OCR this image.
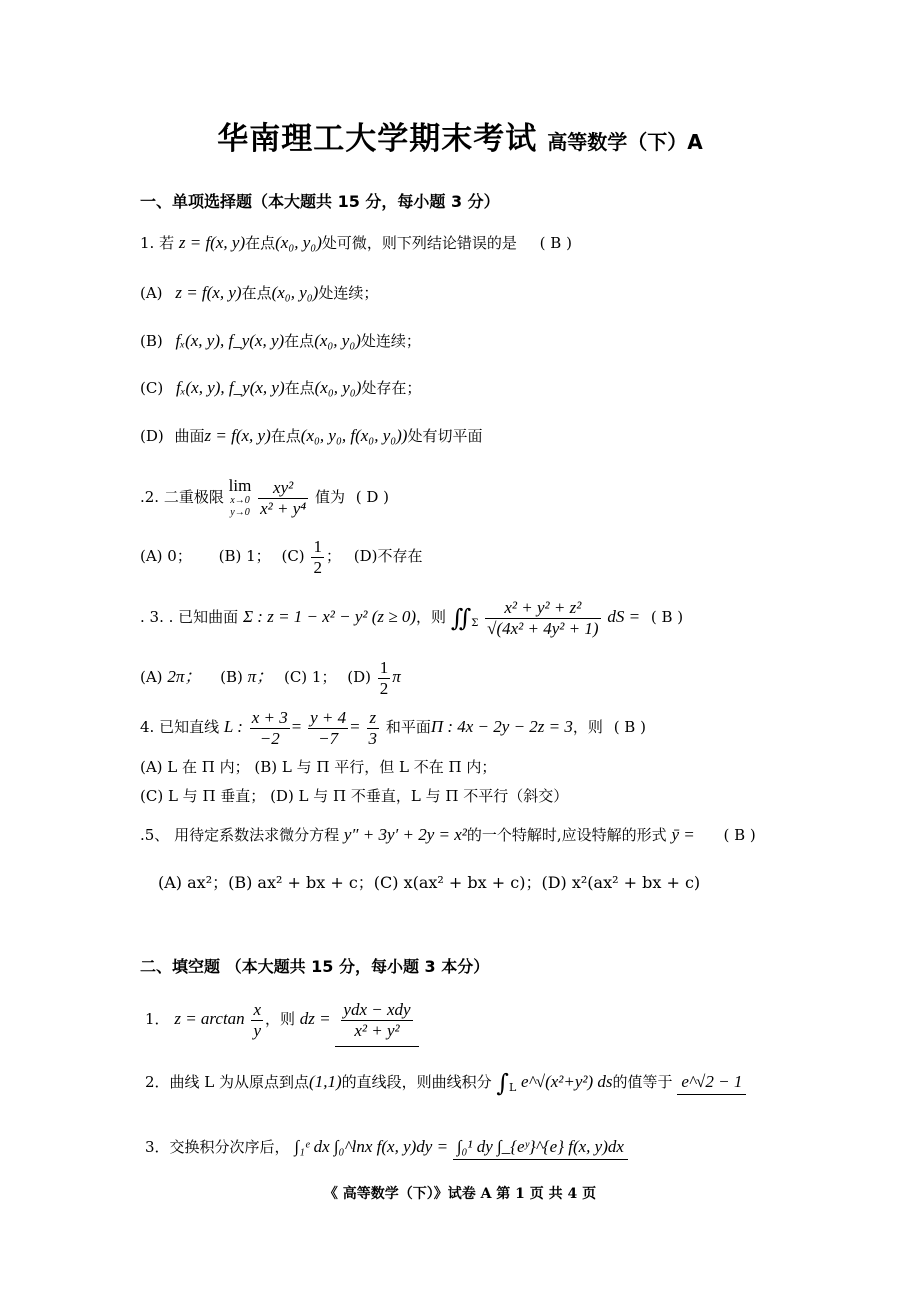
华南理工大学期末考试 高等数学（下）A
一、单项选择题（本大题共 15 分，每小题 3 分）
1. 若 z = f(x, y)在点(x₀, y₀)处可微，则下列结论错误的是 ( B )
(A) z = f(x, y)在点(x₀, y₀)处连续；
(B) fₓ(x, y), f_y(x, y)在点(x₀, y₀)处连续；
(C) fₓ(x, y), f_y(x, y)在点(x₀, y₀)处存在；
(D) 曲面z = f(x, y)在点(x₀, y₀, f(x₀, y₀))处有切平面
.2. 二重极限
lim
x→0
y→0
$\frac{\text{xy²}}{\text{x² + y⁴}}$ 值为 ( D )
(A) 0； (B) 1； $(C) \frac{1}{2}$ ； (D)不存在
. 3. . 已知曲面 Σ : z = 1 − x² − y² (z ≥ 0)，则 $∬_\Sigma \frac{\text{x² + y² + z²}}{\text{√(4x² + 4y² + 1)}}$ dS = ( B )
(A) 2π； (B) π； (C) 1； $(D) \frac{1}{2}$ π
4. 已知直线 L : $\frac{x + 3}{-2} = \frac{y + 4}{-7} = \frac{z}{3}$ 和平面Π : 4x − 2y − 2z = 3，则 ( B )
(A) L 在 Π 内； (B) L 与 Π 平行，但 L 不在 Π 内；
(C) L 与 Π 垂直； (D) L 与 Π 不垂直，L 与 Π 不平行（斜交）
.5、 用待定系数法求微分方程 y″ + 3y′ + 2y = x²的一个特解时,应设特解的形式 ȳ = ( B )
(A) ax²；(B) ax² + bx + c；(C) x(ax² + bx + c)；(D) x²(ax² + bx + c)
二、填空题 （本大题共 15 分，每小题 3 本分）
1． $z = \arctan \frac{x}{y}$ ，则 dz = $\frac{\text{ydx − xdy}}{\text{x² + y²}}$
2．曲线 L 为从原点到点(1,1)的直线段，则曲线积分 $\int_L$ e^√(x²+y²) ds的值等于 e^√2 − 1
3．交换积分次序后， ∫₁ᵉ dx ∫₀^lnx f(x, y)dy = ∫₀¹ dy ∫_{eʸ}^{e} f(x, y)dx
《 高等数学（下）》试卷 A 第 1 页 共 4 页
